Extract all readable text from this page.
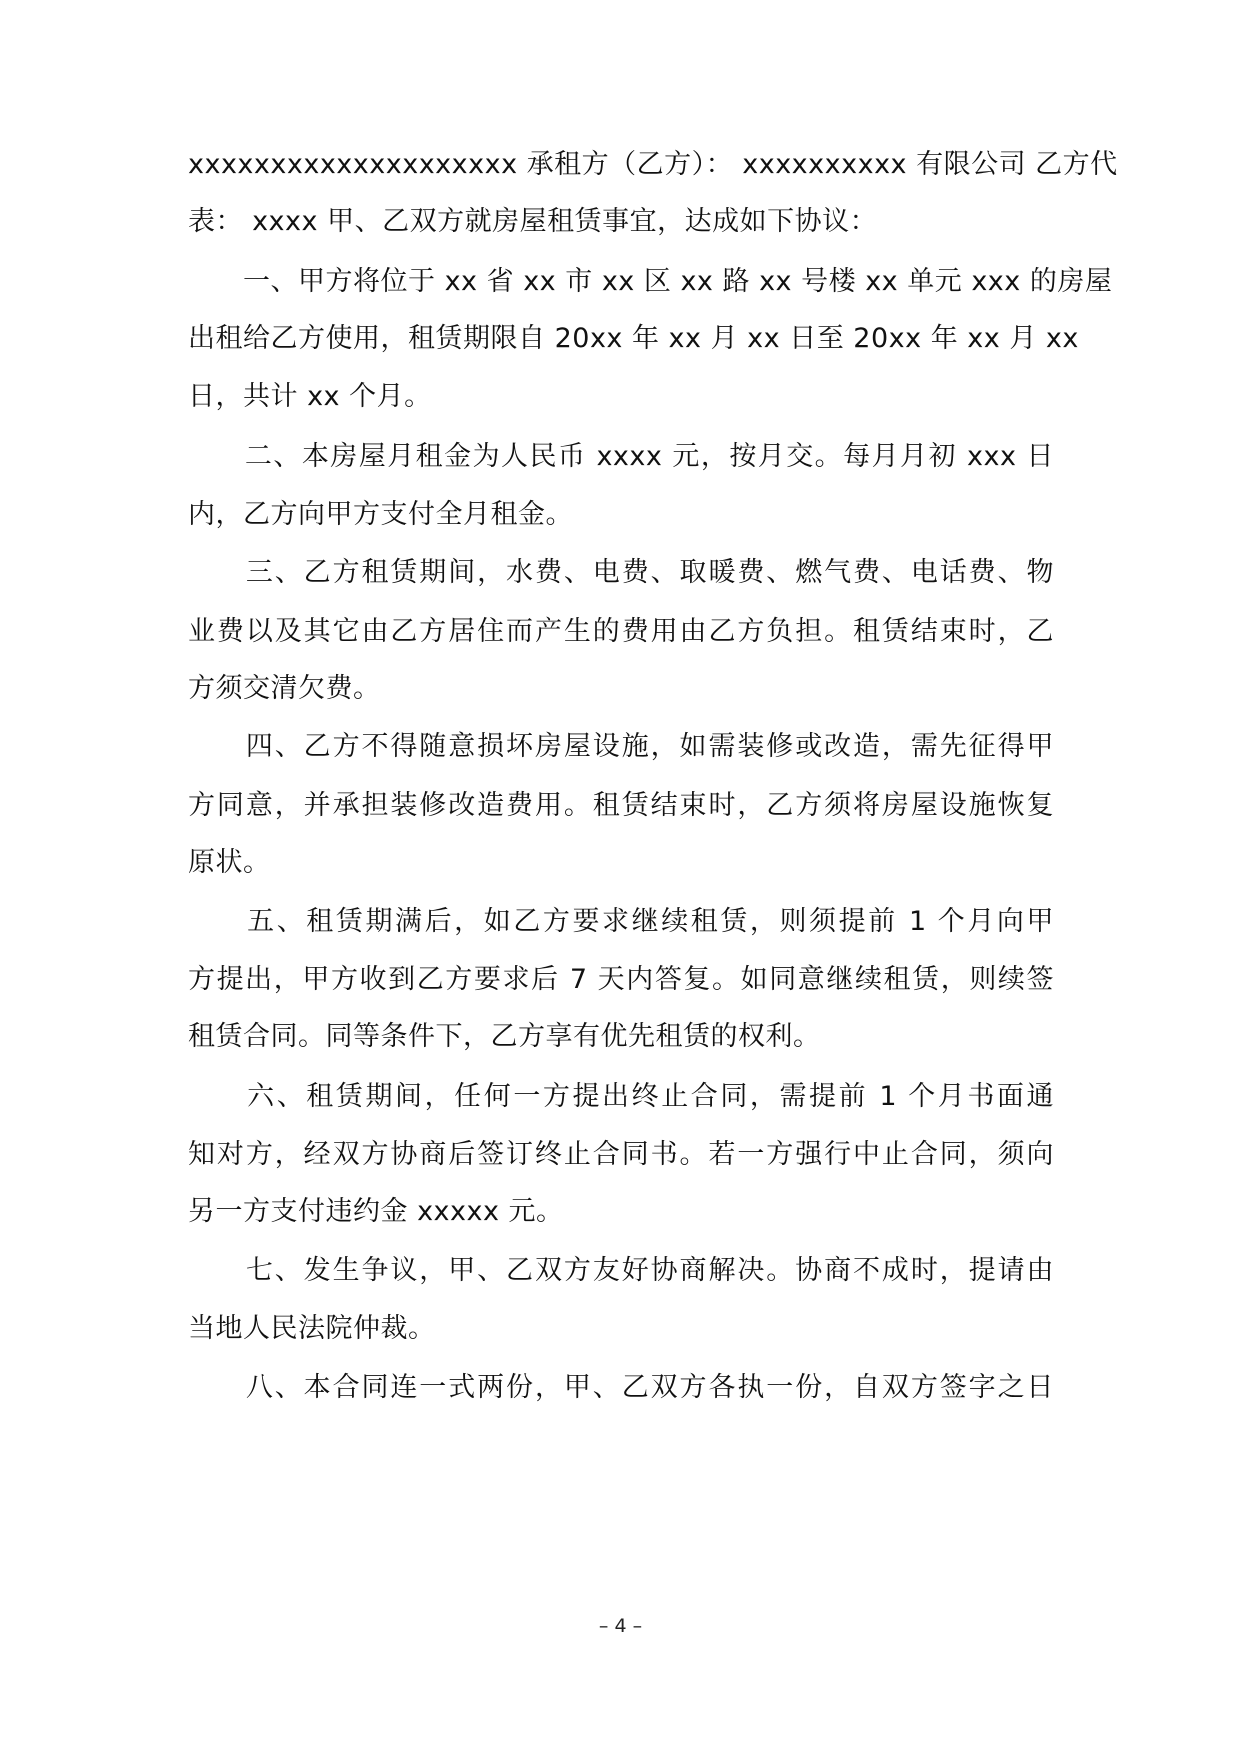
xxxxxxxxxxxxxxxxxxxx 承租方（乙方）： xxxxxxxxxx 有限公司 乙方代
表： xxxx 甲、乙双方就房屋租赁事宜，达成如下协议：
　　一、甲方将位于 xx 省 xx 市 xx 区 xx 路 xx 号楼 xx 单元 xxx 的房屋
出租给乙方使用，租赁期限自 20xx 年 xx 月 xx 日至 20xx 年 xx 月 xx
日，共计 xx 个月。
　　二、本房屋月租金为人民币 xxxx 元，按月交。每月月初 xxx 日
内，乙方向甲方支付全月租金。
　　三、乙方租赁期间，水费、电费、取暖费、燃气费、电话费、物
业费以及其它由乙方居住而产生的费用由乙方负担。租赁结束时，乙
方须交清欠费。
　　四、乙方不得随意损坏房屋设施，如需装修或改造，需先征得甲
方同意，并承担装修改造费用。租赁结束时，乙方须将房屋设施恢复
原状。
　　五、租赁期满后，如乙方要求继续租赁，则须提前 1 个月向甲
方提出，甲方收到乙方要求后 7 天内答复。如同意继续租赁，则续签
租赁合同。同等条件下，乙方享有优先租赁的权利。
　　六、租赁期间，任何一方提出终止合同，需提前 1 个月书面通
知对方，经双方协商后签订终止合同书。若一方强行中止合同，须向
另一方支付违约金 xxxxx 元。
　　七、发生争议，甲、乙双方友好协商解决。协商不成时，提请由
当地人民法院仲裁。
　　八、本合同连一式两份，甲、乙双方各执一份，自双方签字之日
– 4 –
